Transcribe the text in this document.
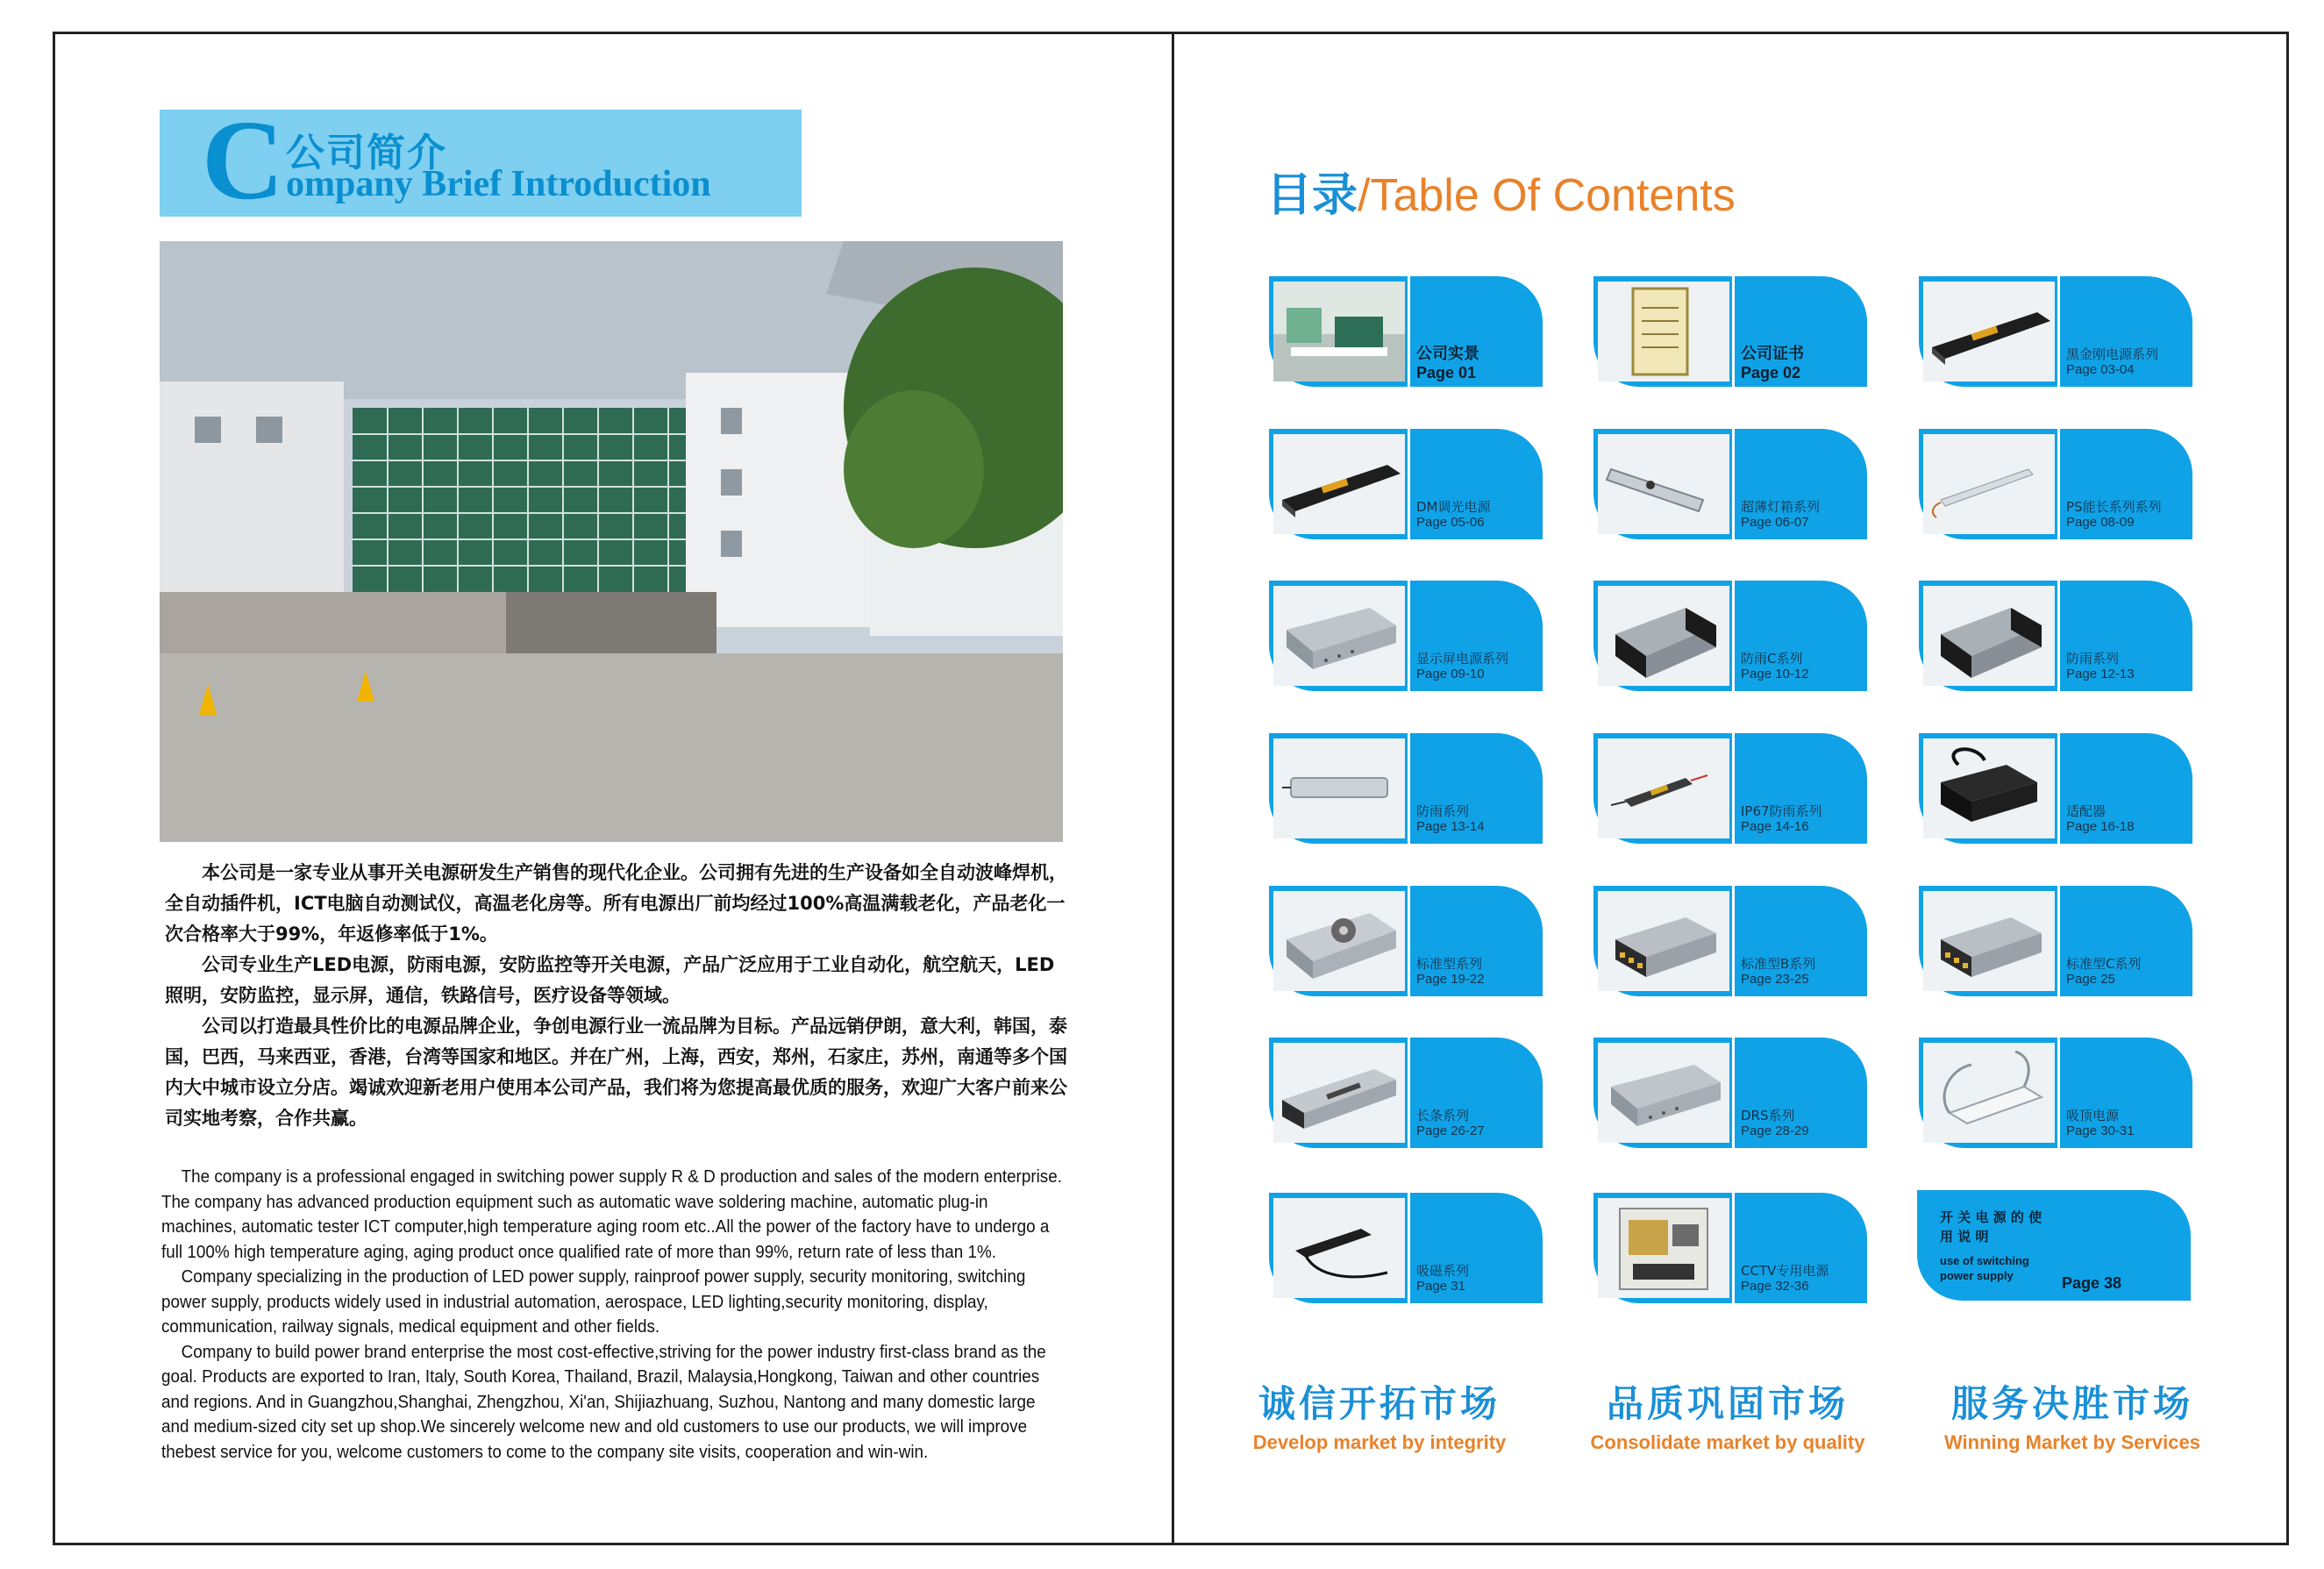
C 公司简介
ompany Brief Introduction

本公司是一家专业从事开关电源研发生产销售的现代化企业。公司拥有先进的生产设备如全自动波峰焊机，全自动插件机，ICT电脑自动测试仪，高温老化房等。所有电源出厂前均经过100%高温满载老化，产品老化一次合格率大于99%，年返修率低于1%。

公司专业生产LED电源，防雨电源，安防监控等开关电源，产品广泛应用于工业自动化，航空航天，LED照明，安防监控，显示屏，通信，铁路信号，医疗设备等领域。

公司以打造最具性价比的电源品牌企业，争创电源行业一流品牌为目标。产品远销伊朗，意大利，韩国，泰国，巴西，马来西亚，香港，台湾等国家和地区。并在广州，上海，西安，郑州，石家庄，苏州，南通等多个国内大中城市设立分店。竭诚欢迎新老用户使用本公司产品，我们将为您提高最优质的服务，欢迎广大客户前来公司实地考察，合作共赢。

The company is a professional engaged in switching power supply R & D production and sales of the modern enterprise. The company has advanced production equipment such as automatic wave soldering machine, automatic plug-in machines, automatic tester ICT computer,high temperature aging room etc..All the power of the factory have to undergo a full 100% high temperature aging, aging product once qualified rate of more than 99%, return rate of less than 1%.

Company specializing in the production of LED power supply, rainproof power supply, security monitoring, switching power supply, products widely used in industrial automation, aerospace, LED lighting,security monitoring, display, communication, railway signals, medical equipment and other fields.

Company to build power brand enterprise the most cost-effective,striving for the power industry first-class brand as the goal. Products are exported to Iran, Italy, South Korea, Thailand, Brazil, Malaysia,Hongkong, Taiwan and other countries and regions. And in Guangzhou,Shanghai, Zhengzhou, Xi'an, Shijiazhuang, Suzhou, Nantong and many domestic large and medium-sized city set up shop.We sincerely welcome new and old customers to use our products, we will improve thebest service for you, welcome customers to come to the company site visits, cooperation and win-win.

目录/Table Of Contents
公司实景
Page 01
公司证书
Page 02
黑金刚电源系列
Page 03-04
DM调光电源
Page 05-06
超薄灯箱系列
Page 06-07
PS能长系列系列
Page 08-09
显示屏电源系列
Page 09-10
防雨C系列
Page 10-12
防雨系列
Page 12-13
防雨系列
Page 13-14
IP67防雨系列
Page 14-16
适配器
Page 16-18
标准型系列
Page 19-22
标准型B系列
Page 23-25
标准型C系列
Page 25
长条系列
Page 26-27
DRS系列
Page 28-29
吸顶电源
Page 30-31
吸磁系列
Page 31
CCTV专用电源
Page 32-36
开 关 电 源 的 使 用 说 明
use of switching power supply	Page 38
诚信开拓市场
Develop market by integrity
品质巩固市场
Consolidate market by quality
服务决胜市场
Winning Market by Services
